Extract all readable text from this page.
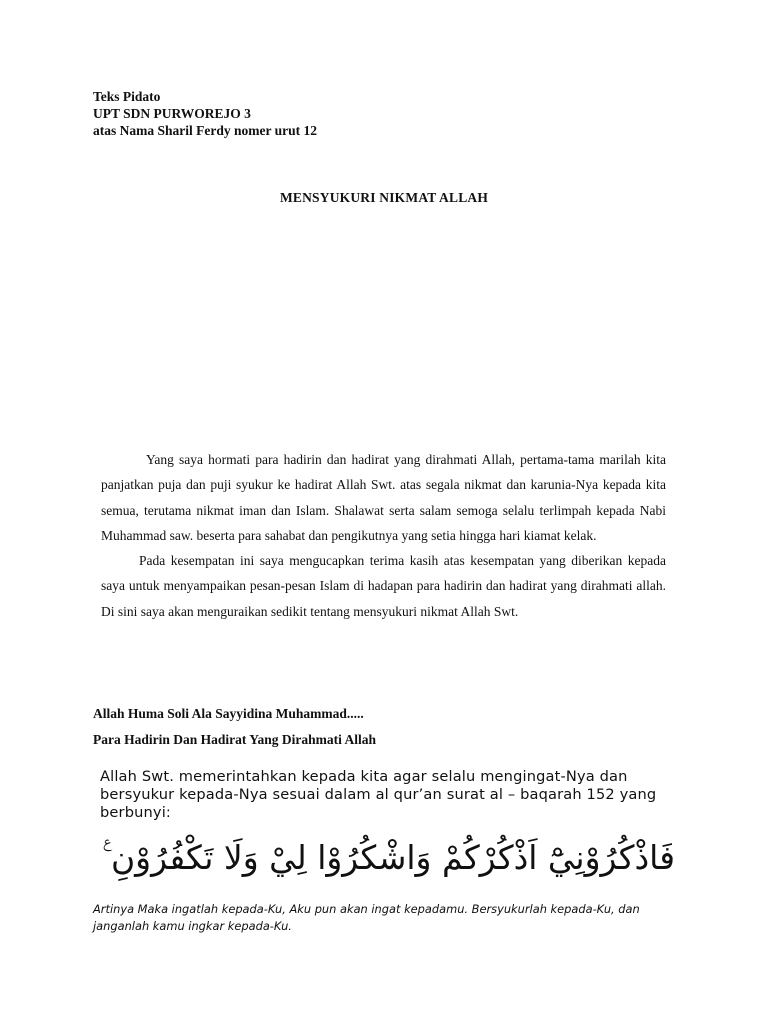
Teks Pidato
UPT SDN PURWOREJO 3
atas Nama Sharil Ferdy nomer urut 12
MENSYUKURI NIKMAT ALLAH

Yang saya hormati para hadirin dan hadirat yang dirahmati Allah, pertama-tama marilah kita panjatkan puja dan puji syukur ke hadirat Allah Swt. atas segala nikmat dan karunia-Nya kepada kita semua, terutama nikmat iman dan Islam. Shalawat serta salam semoga selalu terlimpah kepada Nabi Muhammad saw. beserta para sahabat dan pengikutnya yang setia hingga hari kiamat kelak.

Pada kesempatan ini saya mengucapkan terima kasih atas kesempatan yang diberikan kepada saya untuk menyampaikan pesan-pesan Islam di hadapan para hadirin dan hadirat yang dirahmati allah. Di sini saya akan menguraikan sedikit tentang mensyukuri nikmat Allah Swt.

Allah Huma Soli Ala Sayyidina Muhammad.....
Para Hadirin Dan Hadirat Yang Dirahmati Allah
Allah Swt. memerintahkan kepada kita agar selalu mengingat-Nya dan bersyukur kepada-Nya sesuai dalam al qur’an surat al – baqarah 152 yang berbunyi:
فَاذْكُرُوْنِيْٓ اَذْكُرْكُمْ وَاشْكُرُوْا لِيْ وَلَا تَكْفُرُوْنِ ࣖ
Artinya Maka ingatlah kepada-Ku, Aku pun akan ingat kepadamu. Bersyukurlah kepada-Ku, dan janganlah kamu ingkar kepada-Ku.
